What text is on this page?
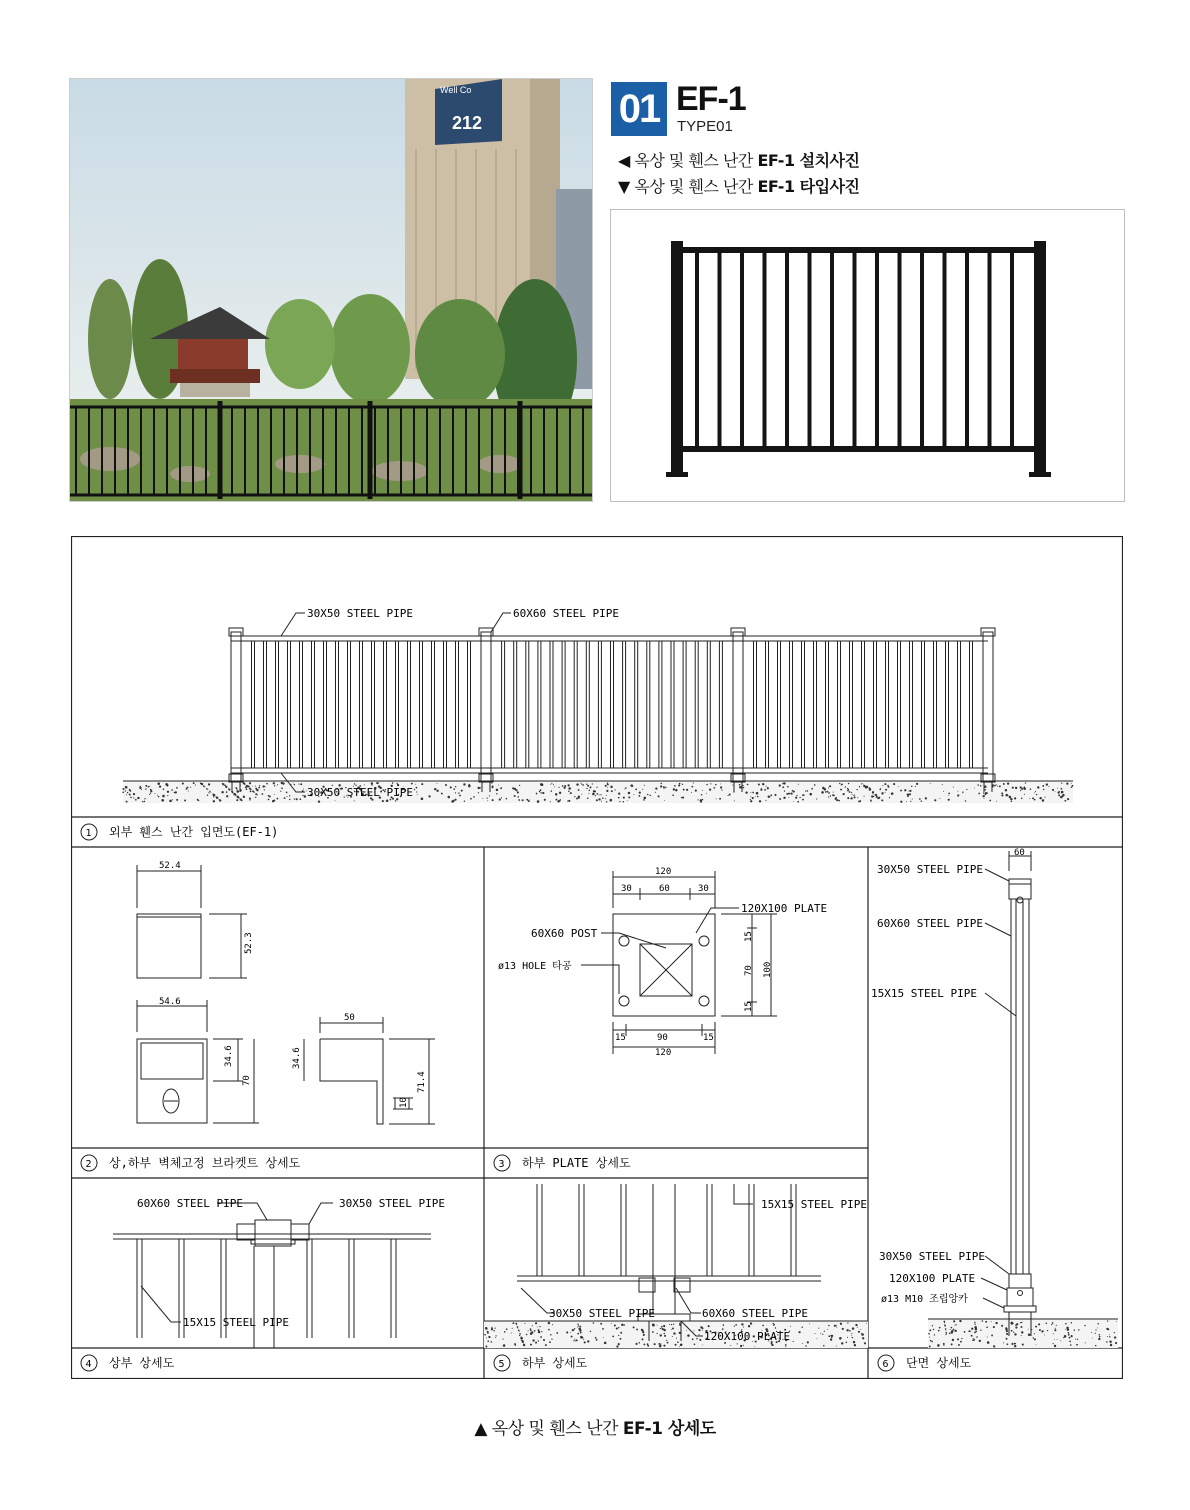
Well Co
212	01 EF-1
TYPE01
◀ 옥상 및 휀스 난간 EF-1 설치사진
▼ 옥상 및 휀스 난간 EF-1 타입사진
30X50 STEEL PIPE	60X60 STEEL PIPE
30X50 STEEL PIPE
1 외부 휀스 난간 입면도(EF-1)
2 상,하부 벽체고정 브라켓트 상세도	3 하부 PLATE 상세도
4 상부 상세도	5 하부 상세도	6 단면 상세도
52.4
52.3
54.6
34.6
70
50
34.6
71.4
10
120
30	60	30
120X100 PLATE
60X60 POST
ø13 HOLE 타공
15
70
15
100
15	90	15
120
60X60 STEEL PIPE	30X50 STEEL PIPE
15X15 STEEL PIPE
15X15 STEEL PIPE
30X50 STEEL PIPE	60X60 STEEL PIPE
120X100 PLATE
60
30X50 STEEL PIPE
60X60 STEEL PIPE
15X15 STEEL PIPE
30X50 STEEL PIPE
120X100 PLATE
ø13 M10 조립앙카
▲ 옥상 및 휀스 난간 EF-1 상세도
